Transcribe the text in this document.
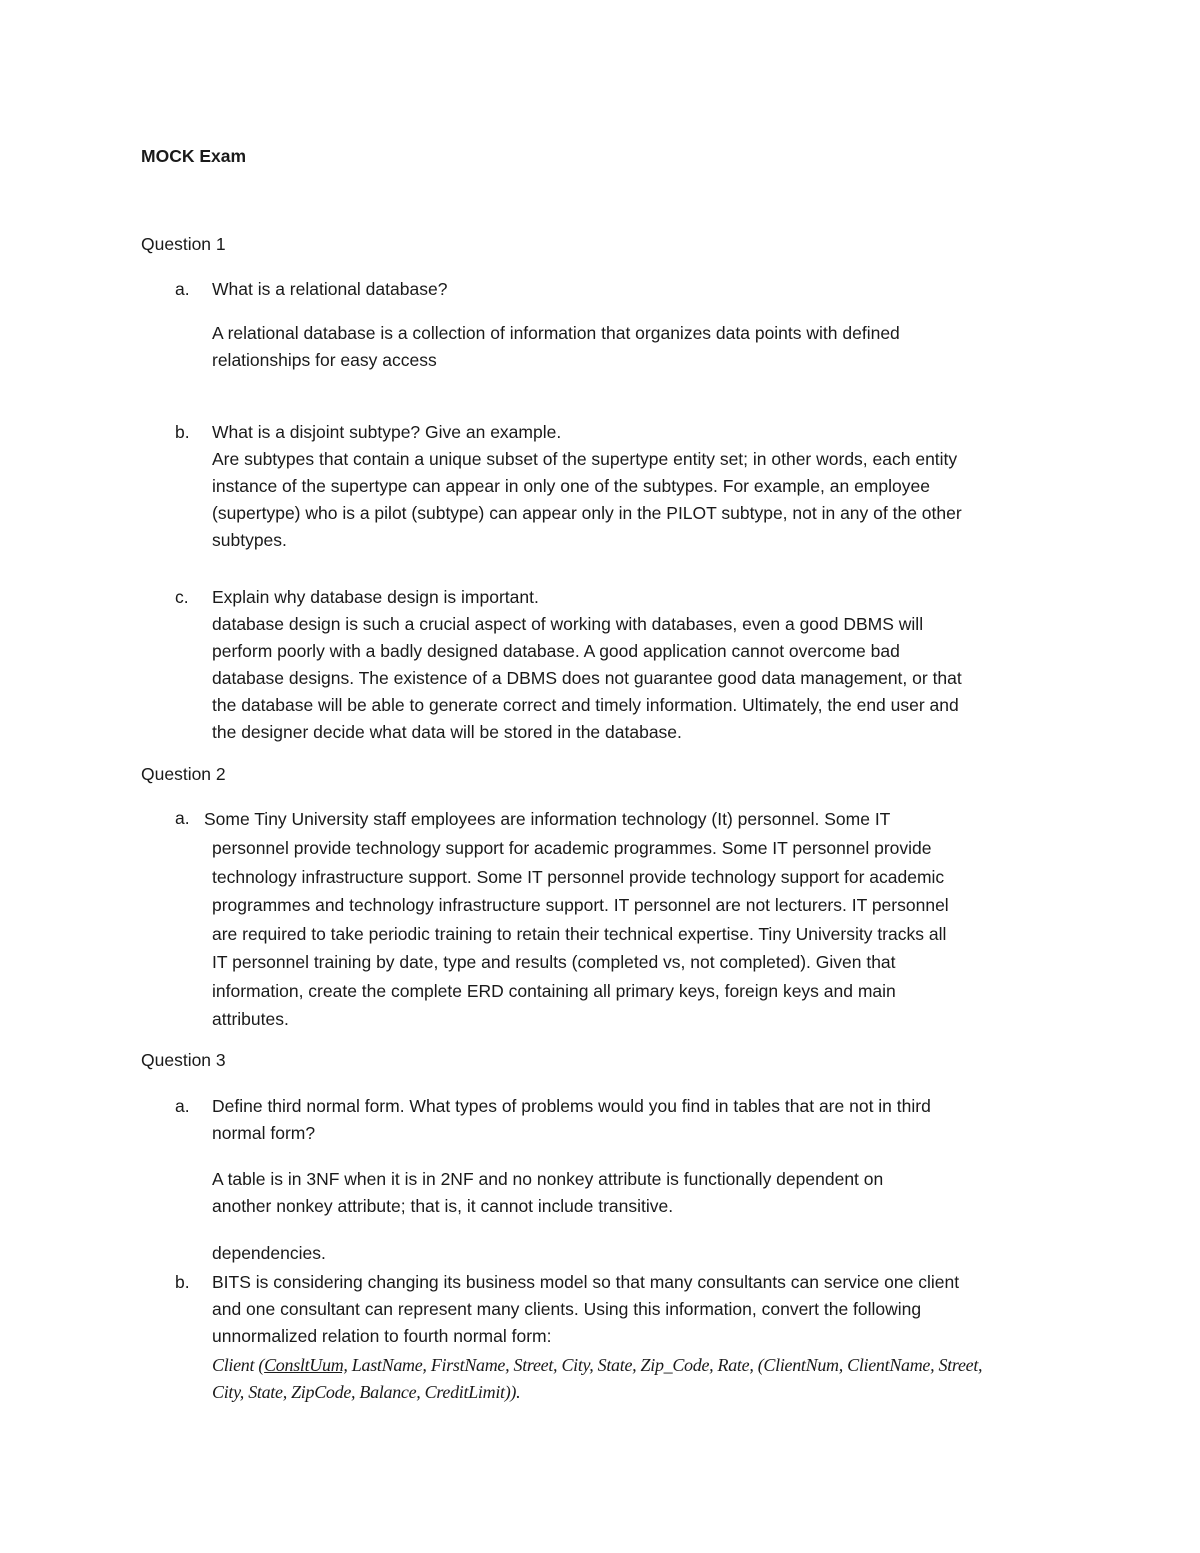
MOCK Exam
Question 1
a. What is a relational database?
A relational database is a collection of information that organizes data points with defined
relationships for easy access
b. What is a disjoint subtype? Give an example.
Are subtypes that contain a unique subset of the supertype entity set; in other words, each entity
instance of the supertype can appear in only one of the subtypes. For example, an employee
(supertype) who is a pilot (subtype) can appear only in the PILOT subtype, not in any of the other
subtypes.
c. Explain why database design is important.
database design is such a crucial aspect of working with databases, even a good DBMS will
perform poorly with a badly designed database. A good application cannot overcome bad
database designs. The existence of a DBMS does not guarantee good data management, or that
the database will be able to generate correct and timely information. Ultimately, the end user and
the designer decide what data will be stored in the database.
Question 2
a. Some Tiny University staff employees are information technology (It) personnel. Some IT
personnel provide technology support for academic programmes. Some IT personnel provide
technology infrastructure support. Some IT personnel provide technology support for academic
programmes and technology infrastructure support. IT personnel are not lecturers. IT personnel
are required to take periodic training to retain their technical expertise. Tiny University tracks all
IT personnel training by date, type and results (completed vs, not completed). Given that
information, create the complete ERD containing all primary keys, foreign keys and main
attributes.
Question 3
a. Define third normal form. What types of problems would you find in tables that are not in third
normal form?
A table is in 3NF when it is in 2NF and no nonkey attribute is functionally dependent on
another nonkey attribute; that is, it cannot include transitive.
dependencies.
b. BITS is considering changing its business model so that many consultants can service one client
and one consultant can represent many clients. Using this information, convert the following
unnormalized relation to fourth normal form:
Client (ConsltUum, LastName, FirstName, Street, City, State, Zip_Code, Rate, (ClientNum, ClientName, Street,
City, State, ZipCode, Balance, CreditLimit)).
